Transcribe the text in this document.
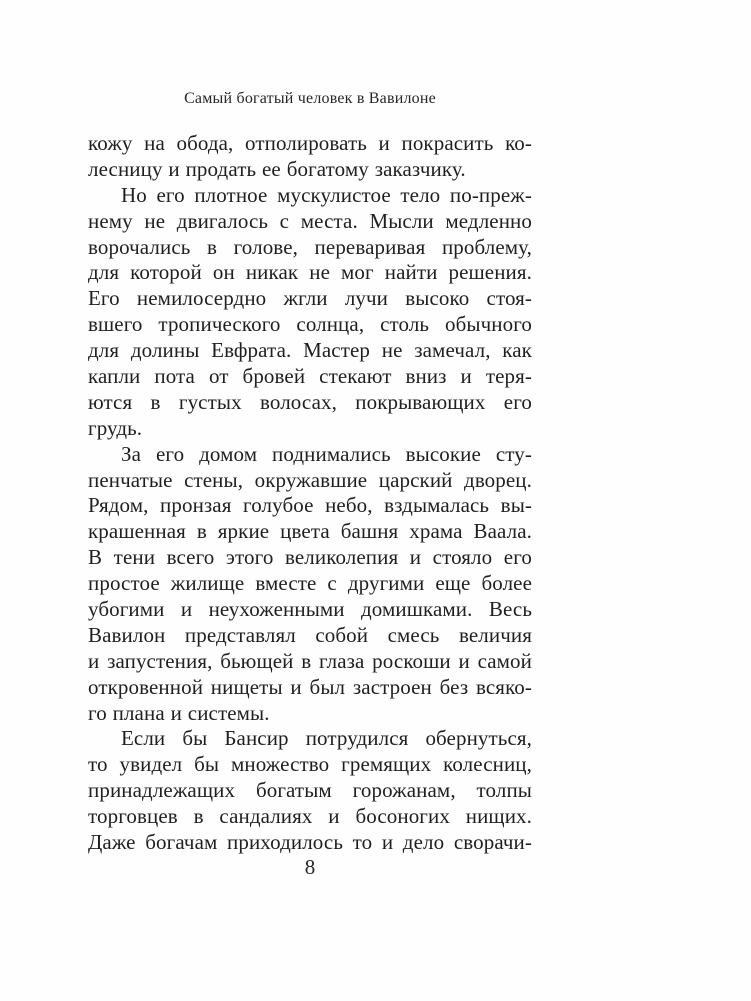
Самый богатый человек в Вавилоне
кожу на обода, отполировать и покрасить ко-
лесницу и продать ее богатому заказчику.
Но его плотное мускулистое тело по-преж-
нему не двигалось с места. Мысли медленно
ворочались в голове, переваривая проблему,
для которой он никак не мог найти решения.
Его немилосердно жгли лучи высоко стоя-
вшего тропического солнца, столь обычного
для долины Евфрата. Мастер не замечал, как
капли пота от бровей стекают вниз и теря-
ются в густых волосах, покрывающих его
грудь.
За его домом поднимались высокие сту-
пенчатые стены, окружавшие царский дворец.
Рядом, пронзая голубое небо, вздымалась вы-
крашенная в яркие цвета башня храма Ваала.
В тени всего этого великолепия и стояло его
простое жилище вместе с другими еще более
убогими и неухоженными домишками. Весь
Вавилон представлял собой смесь величия
и запустения, бьющей в глаза роскоши и самой
откровенной нищеты и был застроен без всяко-
го плана и системы.
Если бы Бансир потрудился обернуться,
то увидел бы множество гремящих колесниц,
принадлежащих богатым горожанам, толпы
торговцев в сандалиях и босоногих нищих.
Даже богачам приходилось то и дело сворачи-
8
